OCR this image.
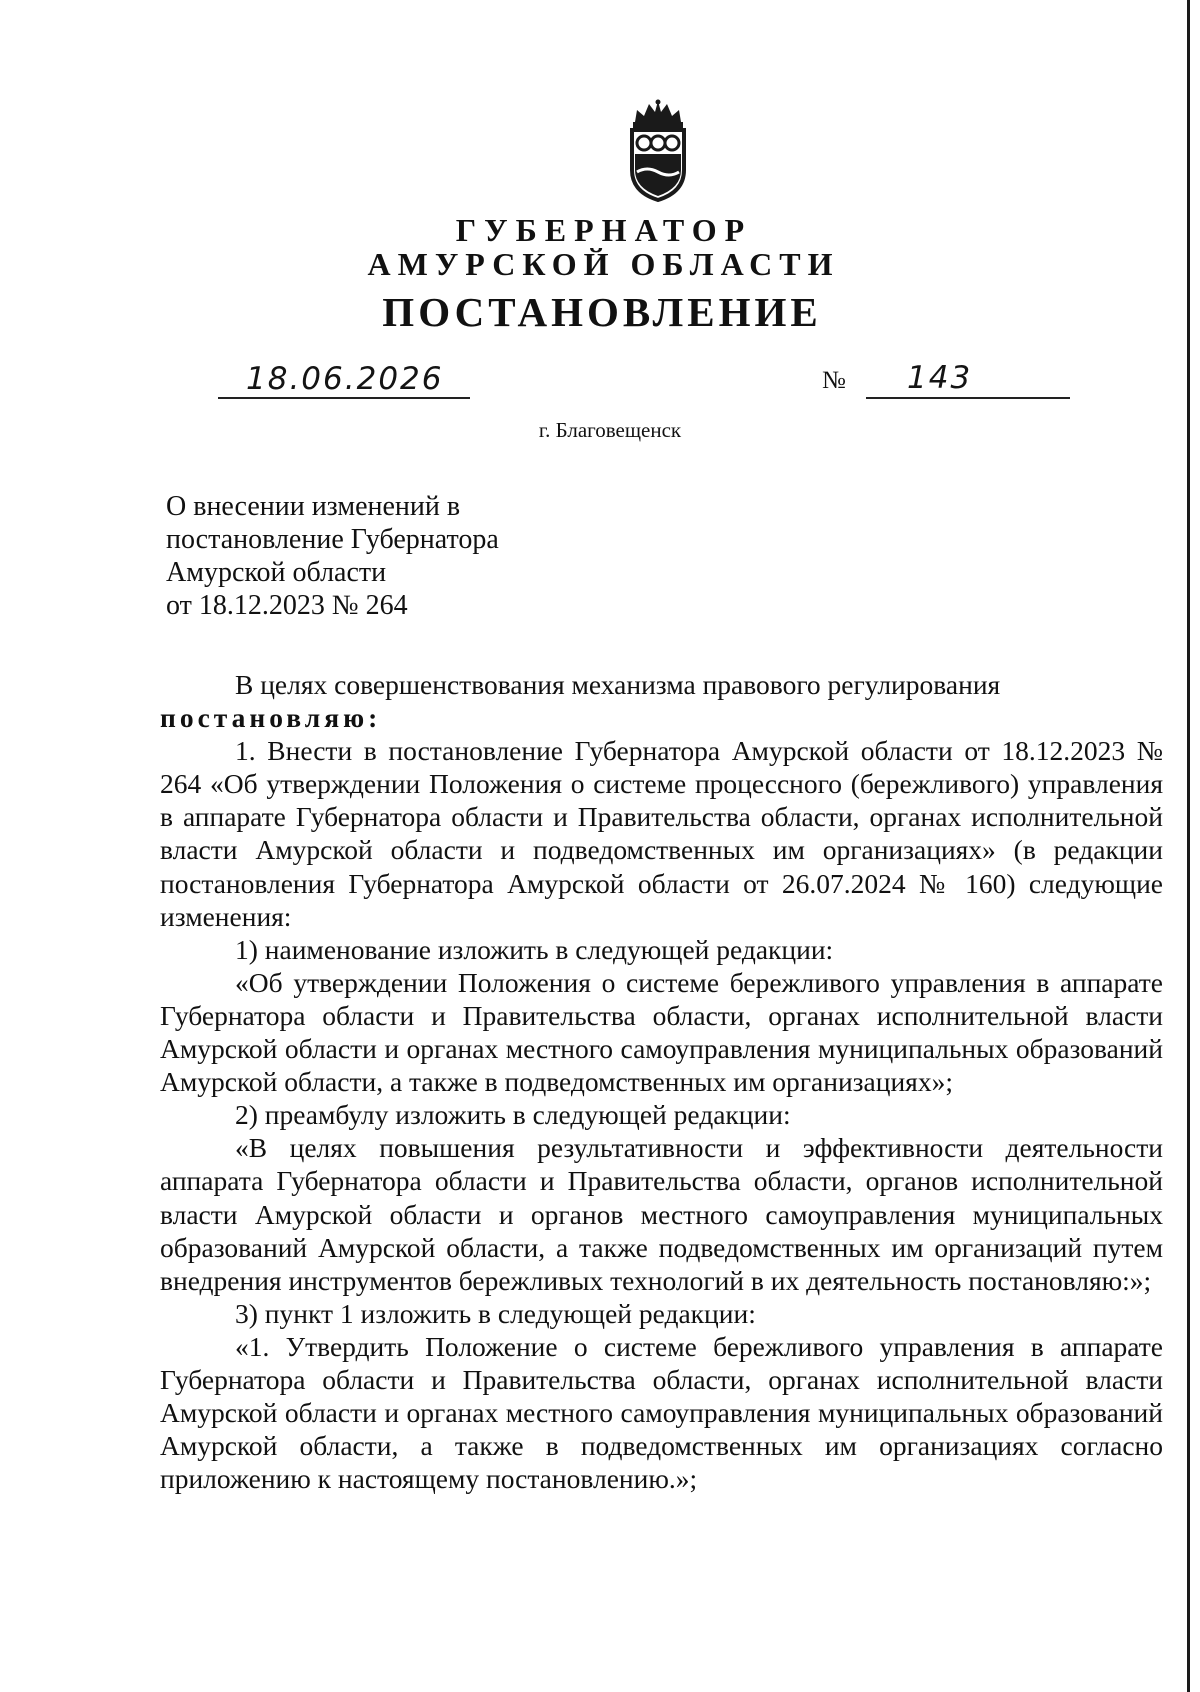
ГУБЕРНАТОР
АМУРСКОЙ ОБЛАСТИ
ПОСТАНОВЛЕНИЕ
18.06.2026	№ 143
г. Благовещенск
О внесении изменений в
постановление Губернатора
Амурской области
от 18.12.2023 № 264

В целях совершенствования механизма правового регулирования

постановляю:

1. Внести в постановление Губернатора Амурской области от 18.12.2023 № 264 «Об утверждении Положения о системе процессного (бережливого) управления в аппарате Губернатора области и Правительства области, органах исполнительной власти Амурской области и подведомственных им организациях» (в редакции постановления Губернатора Амурской области от 26.07.2024 № 160) следующие изменения:

1) наименование изложить в следующей редакции:

«Об утверждении Положения о системе бережливого управления в аппарате Губернатора области и Правительства области, органах исполнительной власти Амурской области и органах местного самоуправления муниципальных образований Амурской области, а также в подведомственных им организациях»;

2) преамбулу изложить в следующей редакции:

«В целях повышения результативности и эффективности деятельности аппарата Губернатора области и Правительства области, органов исполнительной власти Амурской области и органов местного самоуправления муниципальных образований Амурской области, а также подведомственных им организаций путем внедрения инструментов бережливых технологий в их деятельность постановляю:»;

3) пункт 1 изложить в следующей редакции:

«1. Утвердить Положение о системе бережливого управления в аппарате Губернатора области и Правительства области, органах исполнительной власти Амурской области и органах местного самоуправления муниципальных образований Амурской области, а также в подведомственных им организациях согласно приложению к настоящему постановлению.»;
